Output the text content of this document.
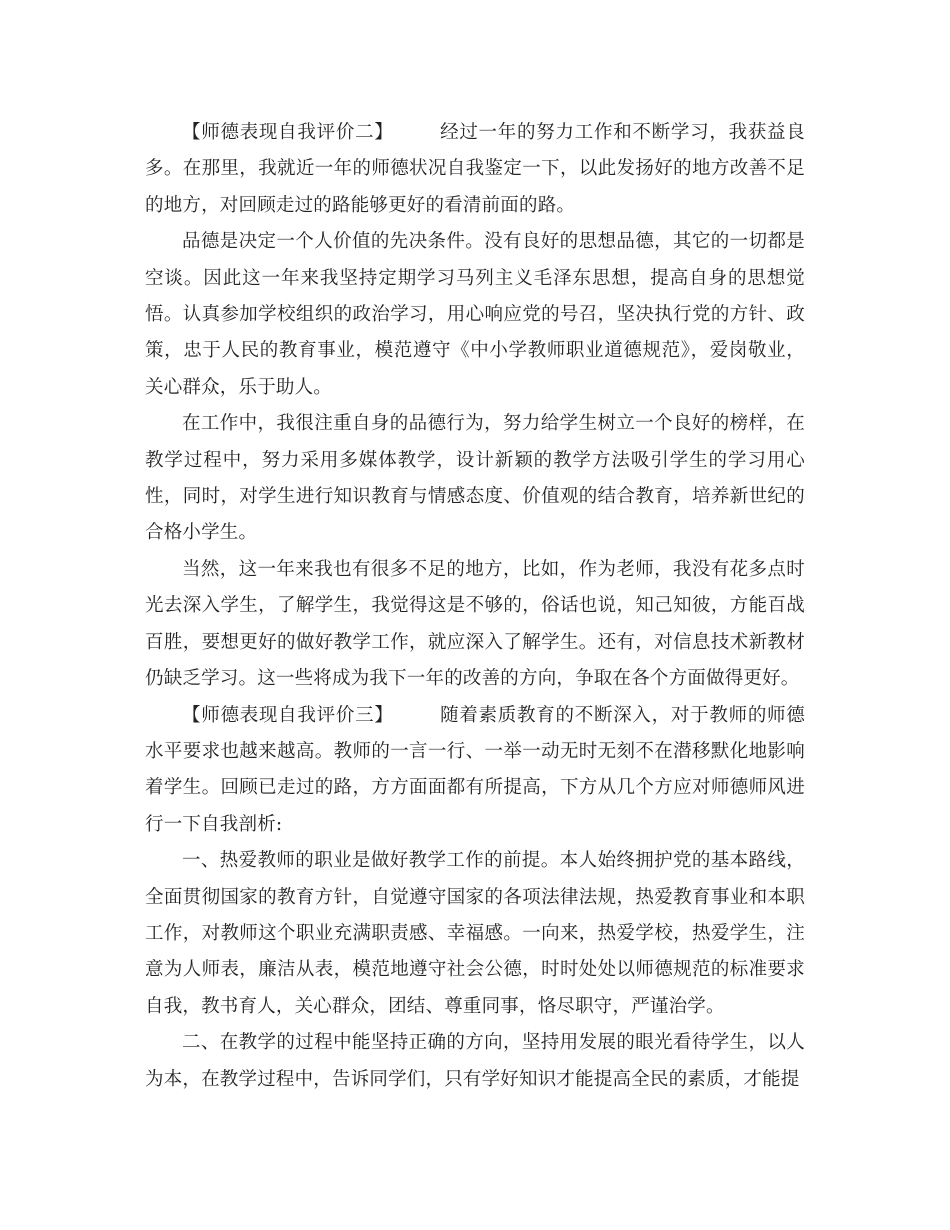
【师德表现自我评价二】 经过一年的努力工作和不断学习，我获益良多。在那里，我就近一年的师德状况自我鉴定一下，以此发扬好的地方改善不足的地方，对回顾走过的路能够更好的看清前面的路。

品德是决定一个人价值的先决条件。没有良好的思想品德，其它的一切都是空谈。因此这一年来我坚持定期学习马列主义毛泽东思想，提高自身的思想觉悟。认真参加学校组织的政治学习，用心响应党的号召，坚决执行党的方针、政策，忠于人民的教育事业，模范遵守《中小学教师职业道德规范》，爱岗敬业，关心群众，乐于助人。

在工作中，我很注重自身的品德行为，努力给学生树立一个良好的榜样，在教学过程中，努力采用多媒体教学，设计新颖的教学方法吸引学生的学习用心性，同时，对学生进行知识教育与情感态度、价值观的结合教育，培养新世纪的合格小学生。

当然，这一年来我也有很多不足的地方，比如，作为老师，我没有花多点时光去深入学生，了解学生，我觉得这是不够的，俗话也说，知己知彼，方能百战百胜，要想更好的做好教学工作，就应深入了解学生。还有，对信息技术新教材仍缺乏学习。这一些将成为我下一年的改善的方向，争取在各个方面做得更好。

【师德表现自我评价三】 随着素质教育的不断深入，对于教师的师德水平要求也越来越高。教师的一言一行、一举一动无时无刻不在潜移默化地影响着学生。回顾已走过的路，方方面面都有所提高，下方从几个方应对师德师风进行一下自我剖析:

一、热爱教师的职业是做好教学工作的前提。本人始终拥护党的基本路线，全面贯彻国家的教育方针，自觉遵守国家的各项法律法规，热爱教育事业和本职工作，对教师这个职业充满职责感、幸福感。一向来，热爱学校，热爱学生，注意为人师表，廉洁从表，模范地遵守社会公德，时时处处以师德规范的标准要求自我，教书育人，关心群众，团结、尊重同事，恪尽职守，严谨治学。

二、在教学的过程中能坚持正确的方向，坚持用发展的眼光看待学生，以人为本，在教学过程中，告诉同学们，只有学好知识才能提高全民的素质，才能提
